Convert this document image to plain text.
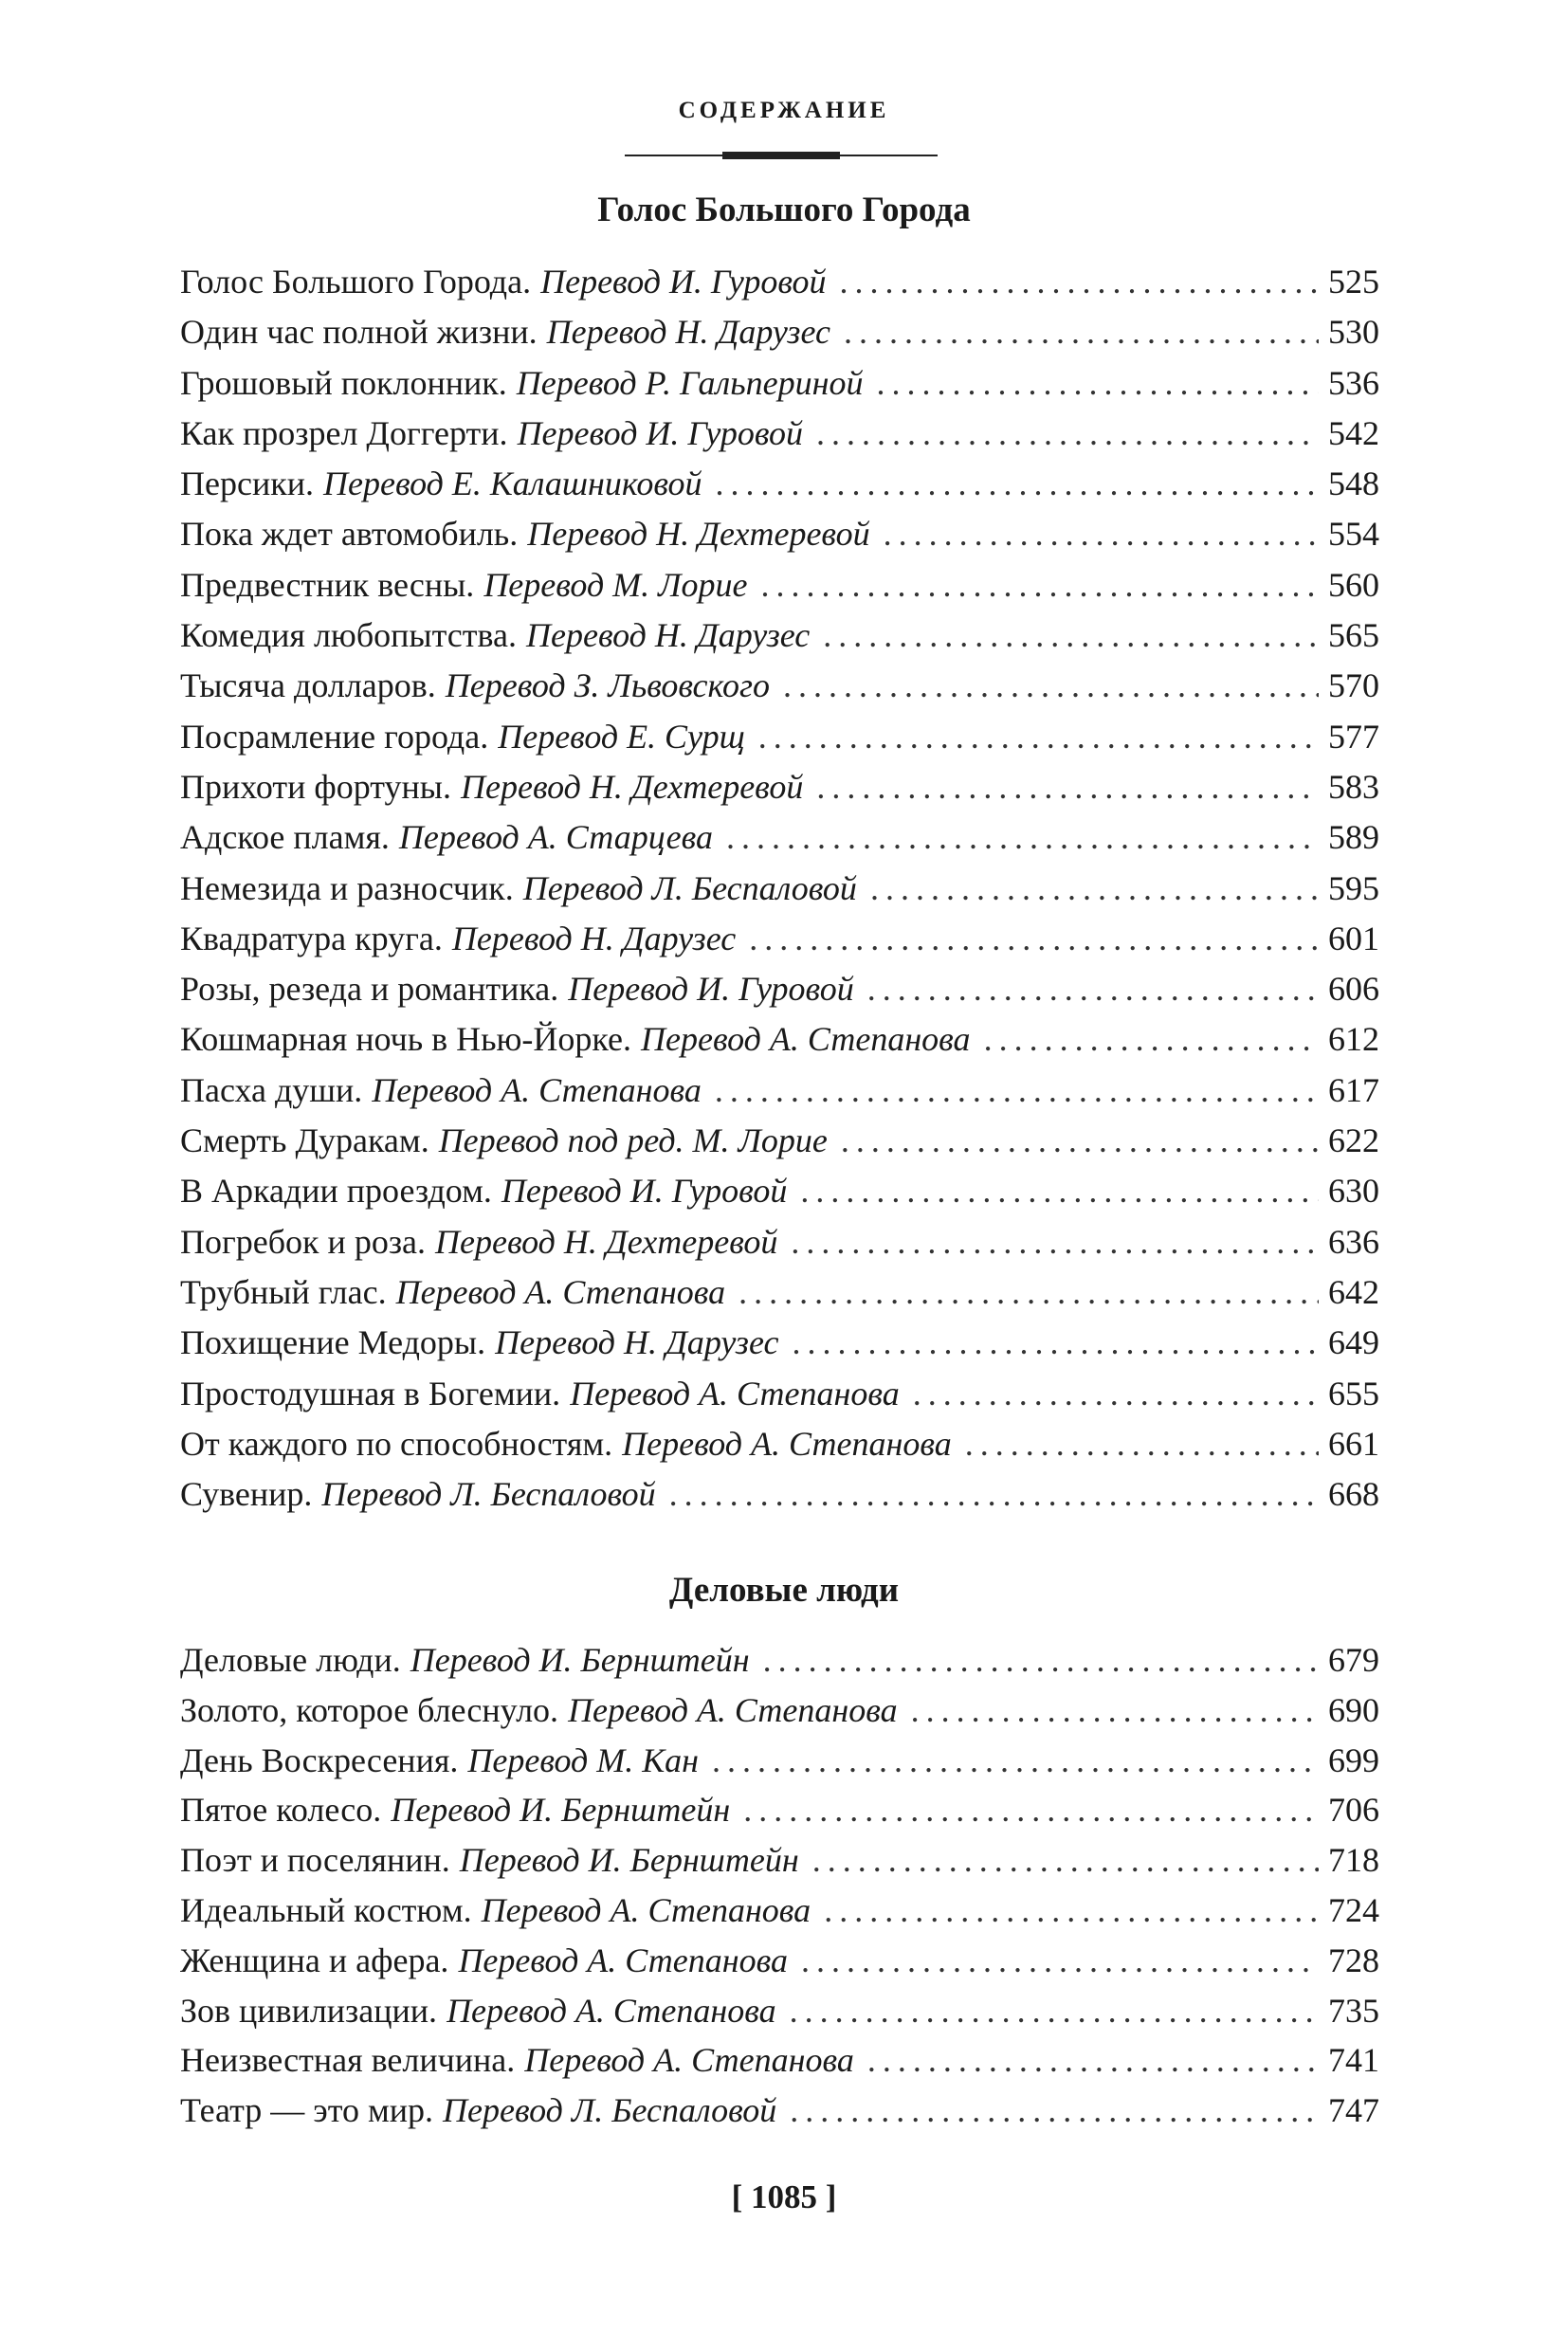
СОДЕРЖАНИЕ
Голос Большого Города
Голос Большого Города. Перевод И. Гуровой . . .	525
Один час полной жизни. Перевод Н. Дарузес . . .	530
Грошовый поклонник. Перевод Р. Гальпериной . . .	536
Как прозрел Доггерти. Перевод И. Гуровой . . .	542
Персики. Перевод Е. Калашниковой . . .	548
Пока ждет автомобиль. Перевод Н. Дехтеревой . . .	554
Предвестник весны. Перевод М. Лорие . . .	560
Комедия любопытства. Перевод Н. Дарузес . . .	565
Тысяча долларов. Перевод З. Львовского . . .	570
Посрамление города. Перевод Е. Сурщ . . .	577
Прихоти фортуны. Перевод Н. Дехтеревой . . .	583
Адское пламя. Перевод А. Старцева . . .	589
Немезида и разносчик. Перевод Л. Беспаловой . . .	595
Квадратура круга. Перевод Н. Дарузес . . .	601
Розы, резеда и романтика. Перевод И. Гуровой . . .	606
Кошмарная ночь в Нью-Йорке. Перевод А. Степанова . . .	612
Пасха души. Перевод А. Степанова . . .	617
Смерть Дуракам. Перевод под ред. М. Лорие . . .	622
В Аркадии проездом. Перевод И. Гуровой . . .	630
Погребок и роза. Перевод Н. Дехтеревой . . .	636
Трубный глас. Перевод А. Степанова . . .	642
Похищение Медоры. Перевод Н. Дарузес . . .	649
Простодушная в Богемии. Перевод А. Степанова . . .	655
От каждого по способностям. Перевод А. Степанова . . .	661
Сувенир. Перевод Л. Беспаловой . . .	668
Деловые люди
Деловые люди. Перевод И. Бернштейн . . .	679
Золото, которое блеснуло. Перевод А. Степанова . . .	690
День Воскресения. Перевод М. Кан . . .	699
Пятое колесо. Перевод И. Бернштейн . . .	706
Поэт и поселянин. Перевод И. Бернштейн . . .	718
Идеальный костюм. Перевод А. Степанова . . .	724
Женщина и афера. Перевод А. Степанова . . .	728
Зов цивилизации. Перевод А. Степанова . . .	735
Неизвестная величина. Перевод А. Степанова . . .	741
Театр — это мир. Перевод Л. Беспаловой . . .	747
[ 1085 ]
